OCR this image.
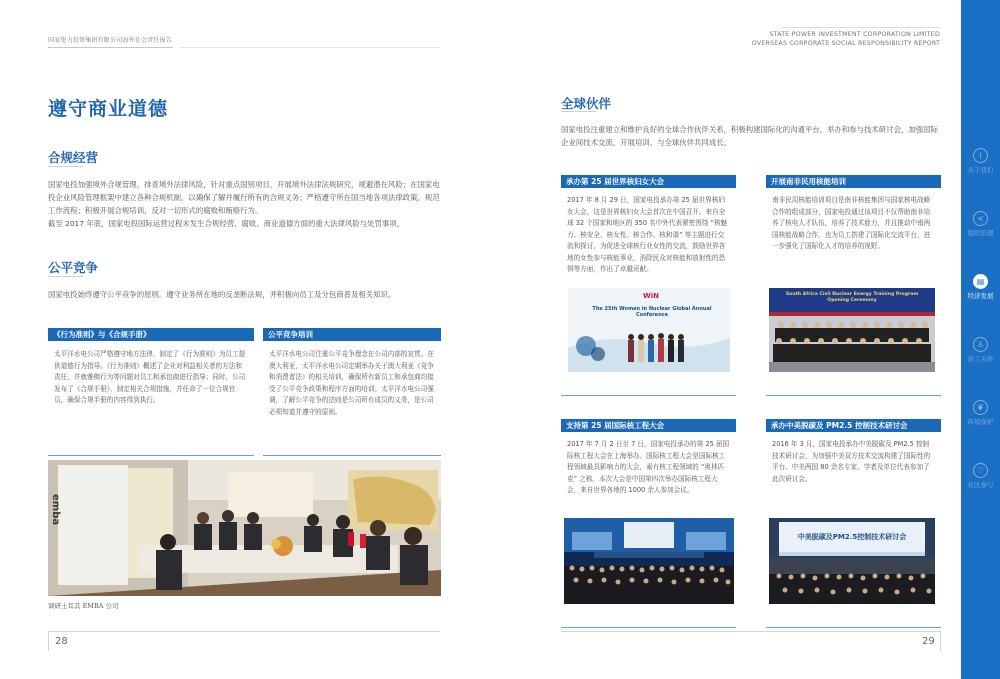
国家电力投资集团有限公司海外社会责任报告
STATE POWER INVESTMENT CORPORATION LIMITED
OVERSEAS CORPORATE SOCIAL RESPONSIBILITY REPORT
遵守商业道德
合规经营
国家电投加强境外合规管理，排查境外法律风险，针对重点国别项目，开展境外法律法规研究，规避潜在风险；在国家电投企业风险管理框架中建立各种合规机制，以确保了解并履行所有的合规义务；严格遵守所在国当地各项法律政策，规范工作流程；积极开展合规培训，反对一切形式的腐败和贿赂行为。
截至 2017 年底，国家电投国际运营过程未发生合规经营、腐败、商业道德方面的重大法律风险与处罚事项。
公平竞争
国家电投始终遵守公平竞争的原则。遵守业务所在地的反垄断法规，并积极向员工及分包商普及相关知识。
《行为准则》与《合规手册》
太平洋水电公司严格遵守地方法律，制定了《行为准则》为员工提供道德行为指导。《行为准则》概述了企业对利益相关者的方法和责任，并就雅佛行为等问题对员工和承包商进行指导；同时，公司发布了《合规手册》，制定相关合规措施，并任命了一位合规官员，确保合规手册的内容得到执行。
公平竞争培训
太平洋水电公司注重公平竞争理念在公司内部的宣贯。在澳大利亚，太平洋水电公司定期举办关于澳大利亚《竞争和消费者法》的相关培训，确保所有新员工和承包商均接受了公平竞争政策和程序方面的培训。太平洋水电公司强调，了解公平竞争的法则是公司所有成员的义务，是公司必须知道并遵守的原则。
emba
调研土耳其 EMBA 公司
28
全球伙伴
国家电投注重建立和维护良好的全球合作伙伴关系，积极构建国际化的沟通平台，举办和参与技术研讨会，加强国际企业间技术交流、开展培训，与全球伙伴共同成长。
承办第 25 届世界核妇女大会
2017 年 8 月 29 日，国家电投承办第 25 届世界核妇女大会，这是世界核妇女大会首次在中国召开。来自全球 32 个国家和地区的 350 名中外代表紧密围绕 “核魅力、核安全、核女性、核合作、核和谐” 等主题进行交流和探讨，为促进全球核行业女性的交流，鼓励世界各地的女性参与核能事业，消除民众对核能和放射性的恐惧等方面，作出了卓越贡献。
WiN
The 25th Women in Nuclear Global Annual Conference
开展南非民用核能培训
南非民用核能培训项目是南非核能集团与国家核电战略合作的组成部分，国家电投通过该项目不仅帮助南非培养了核电人才队伍，培养了技术能力，并且推动中南两国核能战略合作，也为员工搭建了国际化交流平台，进一步强化了国际化人才的培养的视野。
South Africa Civil Nuclear Energy Training Program Opening Ceremony
支持第 25 届国际核工程大会
2017 年 7 月 2 日至 7 日，国家电投承办的第 25 届国际核工程大会在上海举办。国际核工程大会是国际核工程领域最具影响力的大会，素有核工程领域的 “奥林匹克” 之称。本次大会是中国第四次举办国际核工程大会，来自世界各地的 1000 余人参加会议。
承办中美脱碳及 PM2.5 控制技术研讨会
2016 年 3 月，国家电投承办中美脱碳及 PM2.5 控制技术研讨会，为加强中美双方技术交流构建了国际性的平台。中美两国 80 余名专家、学者及单位代表参加了此次研讨会。
中美脱碳及PM2.5控制技术研讨会
29
i
关于我们
<
组织治理
▤
经济发展
♙
员工关怀
❦
环境保护
♡
社区参与
